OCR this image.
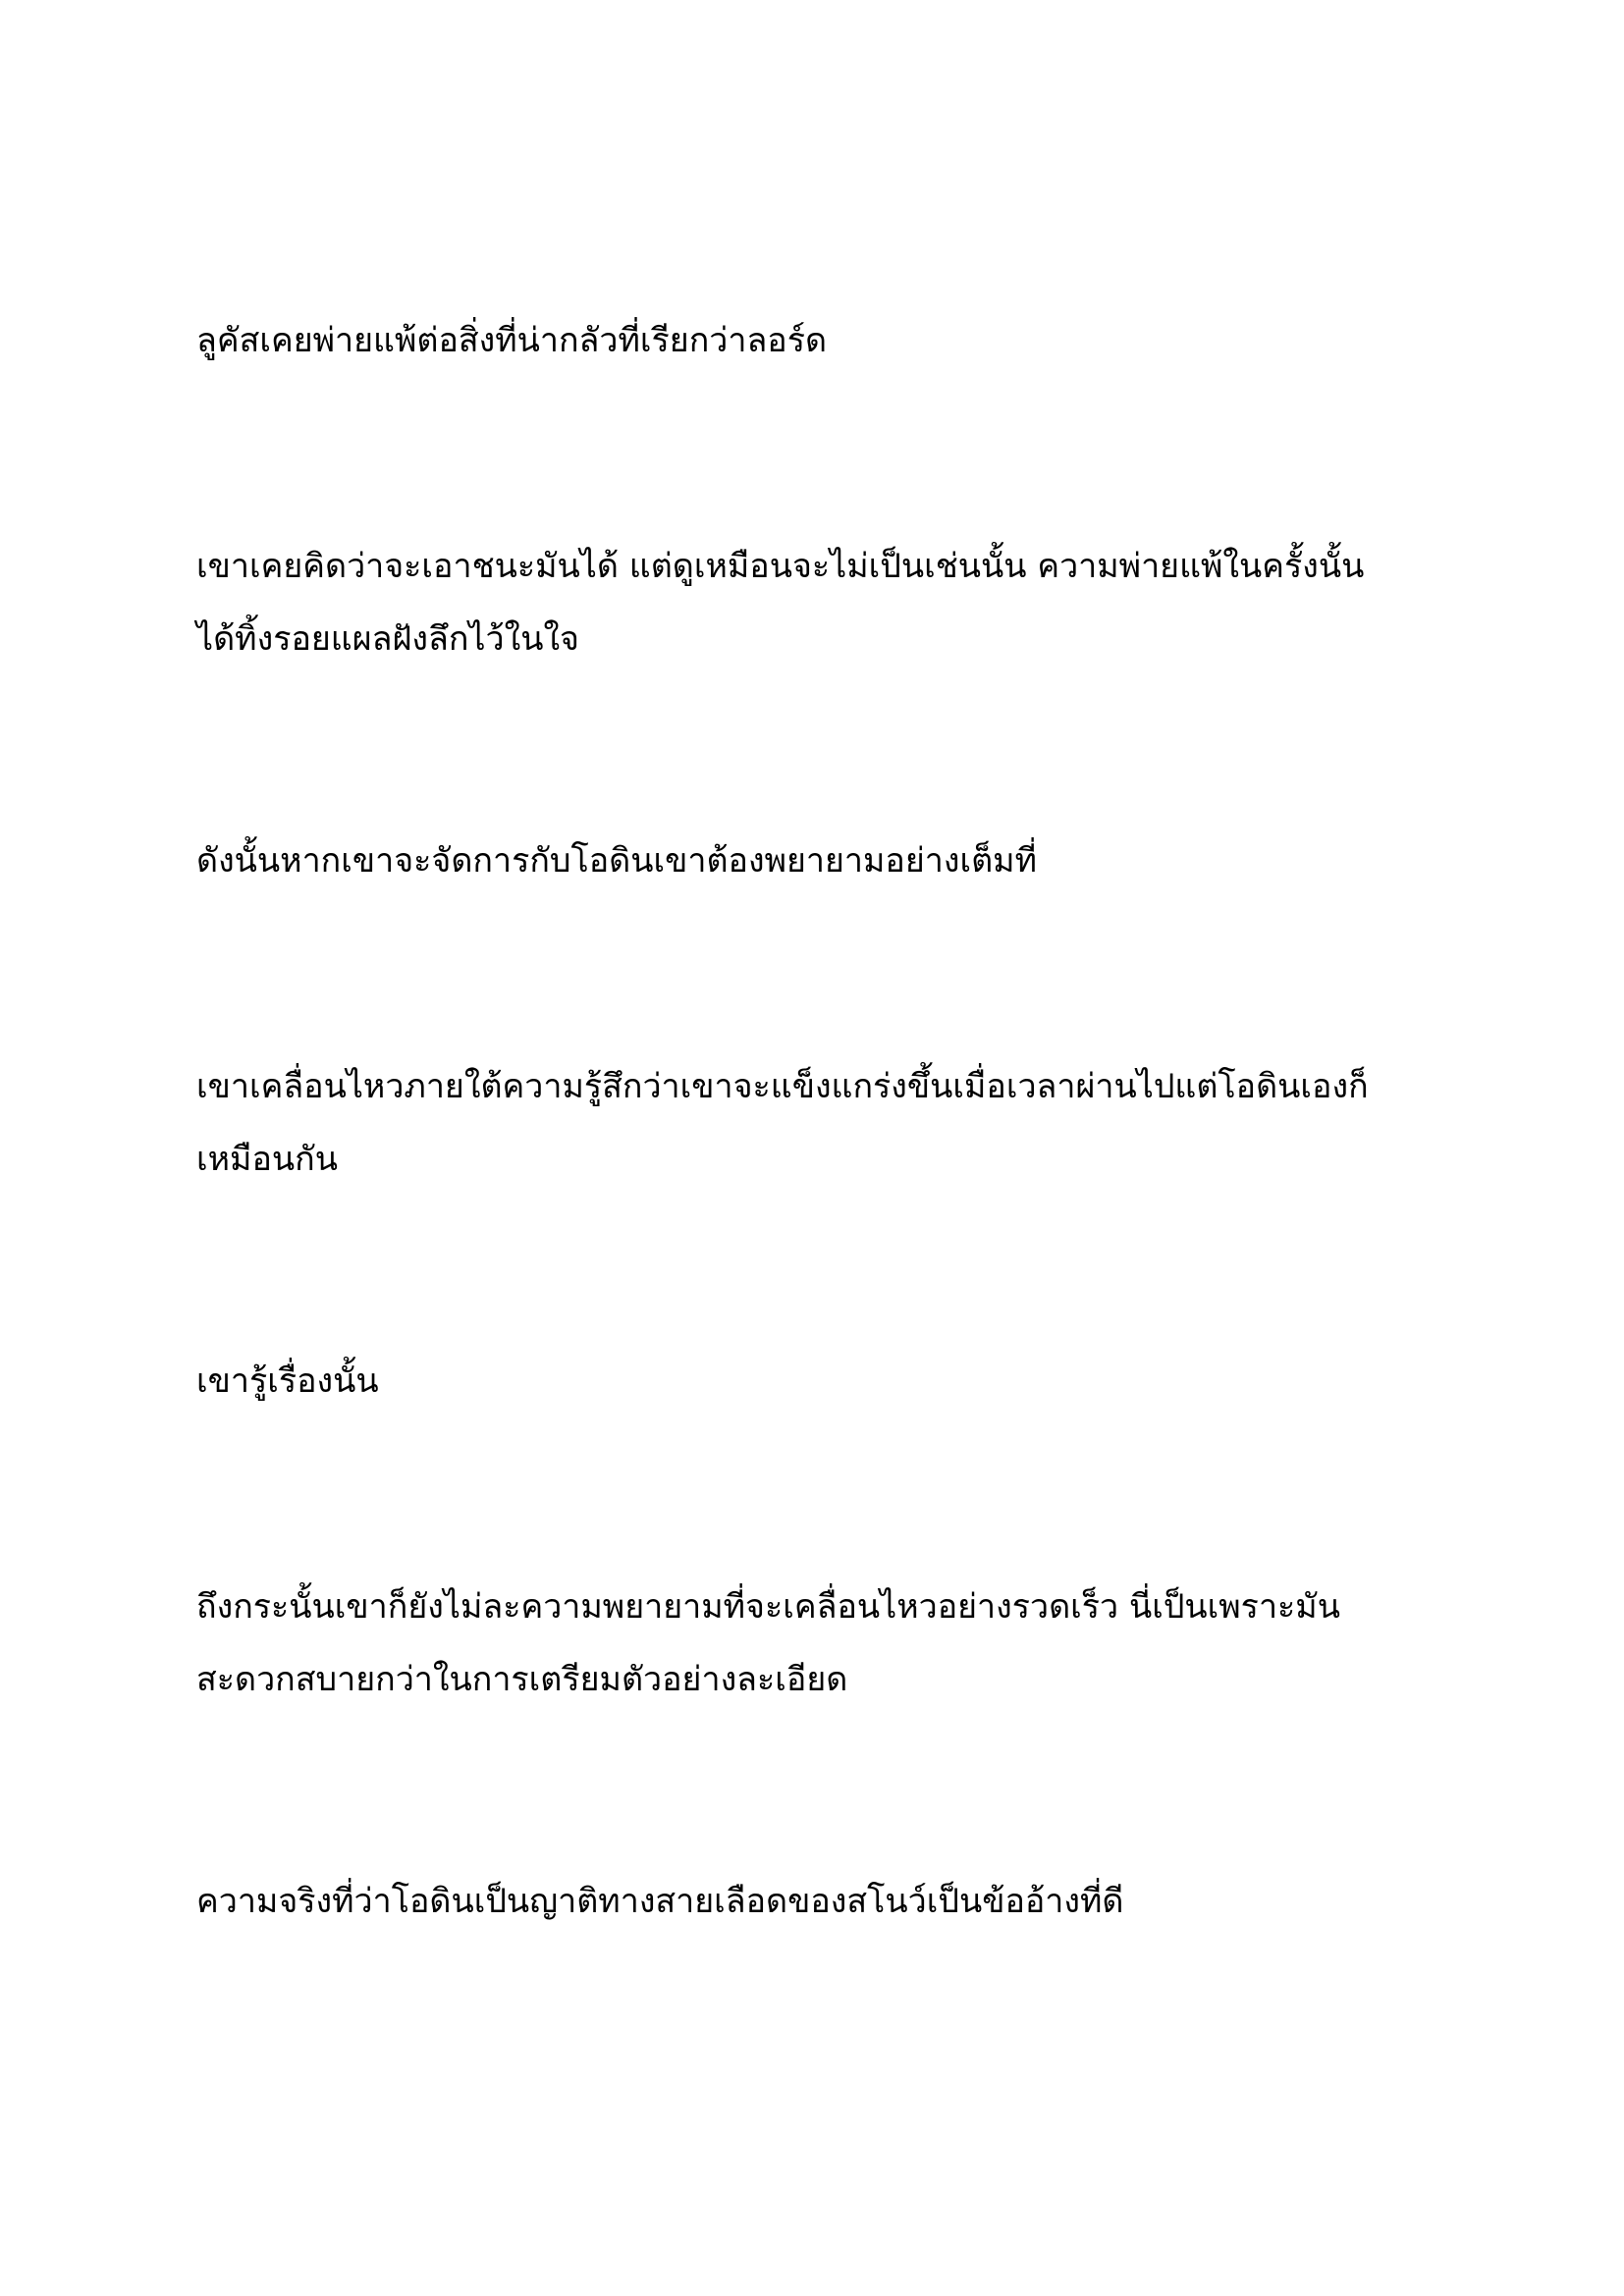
ลูคัสเคยพ่ายแพ้ต่อสิ่งที่น่ากลัวที่เรียกว่าลอร์ด

เขาเคยคิดว่าจะเอาชนะมันได้ แต่ดูเหมือนจะไม่เป็นเช่นนั้น ความพ่ายแพ้ในครั้งนั้น
ได้ทิ้งรอยแผลฝังลึกไว้ในใจ

ดังนั้นหากเขาจะจัดการกับโอดินเขาต้องพยายามอย่างเต็มที่

เขาเคลื่อนไหวภายใต้ความรู้สึกว่าเขาจะแข็งแกร่งขึ้นเมื่อเวลาผ่านไปแต่โอดินเองก็
เหมือนกัน

เขารู้เรื่องนั้น

ถึงกระนั้นเขาก็ยังไม่ละความพยายามที่จะเคลื่อนไหวอย่างรวดเร็ว นี่เป็นเพราะมัน
สะดวกสบายกว่าในการเตรียมตัวอย่างละเอียด

ความจริงที่ว่าโอดินเป็นญาติทางสายเลือดของสโนว์เป็นข้ออ้างที่ดี
